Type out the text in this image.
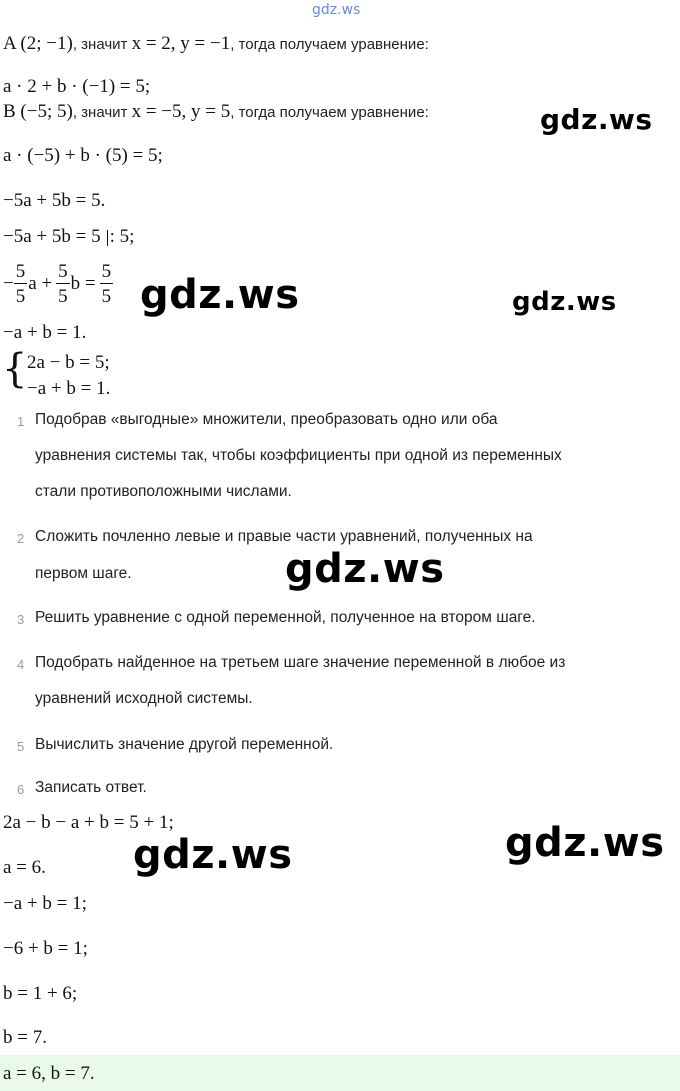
gdz.ws
A (2; −1), значит x = 2, y = −1, тогда получаем уравнение:
a · 2 + b · (−1) = 5;
B (−5; 5), значит x = −5, y = 5, тогда получаем уравнение:	gdz.ws
a · (−5) + b · (5) = 5;
−5a + 5b = 5.
−5a + 5b = 5 : 5;
− $\frac{5}{5}$ $a + \frac{5}{5}$ $b = \frac{5}{5} gdz.ws$	gdz.ws
−a + b = 1.
{ 2a − b = 5;
−a + b = 1.
1 Подобрав «выгодные» множители, преобразовать одно или оба
уравнения системы так, чтобы коэффициенты при одной из переменных
стали противоположными числами.
2 Сложить почленно левые и правые части уравнений, полученных на
первом шаге.	gdz.ws
3 Решить уравнение с одной переменной, полученное на втором шаге.
4 Подобрать найденное на третьем шаге значение переменной в любое из
уравнений исходной системы.
5 Вычислить значение другой переменной.
6 Записать ответ.
2a − b − a + b = 5 + 1;	gdz.ws
gdz.ws
a = 6.
−a + b = 1;
−6 + b = 1;
b = 1 + 6;
b = 7.
a = 6, b = 7.
